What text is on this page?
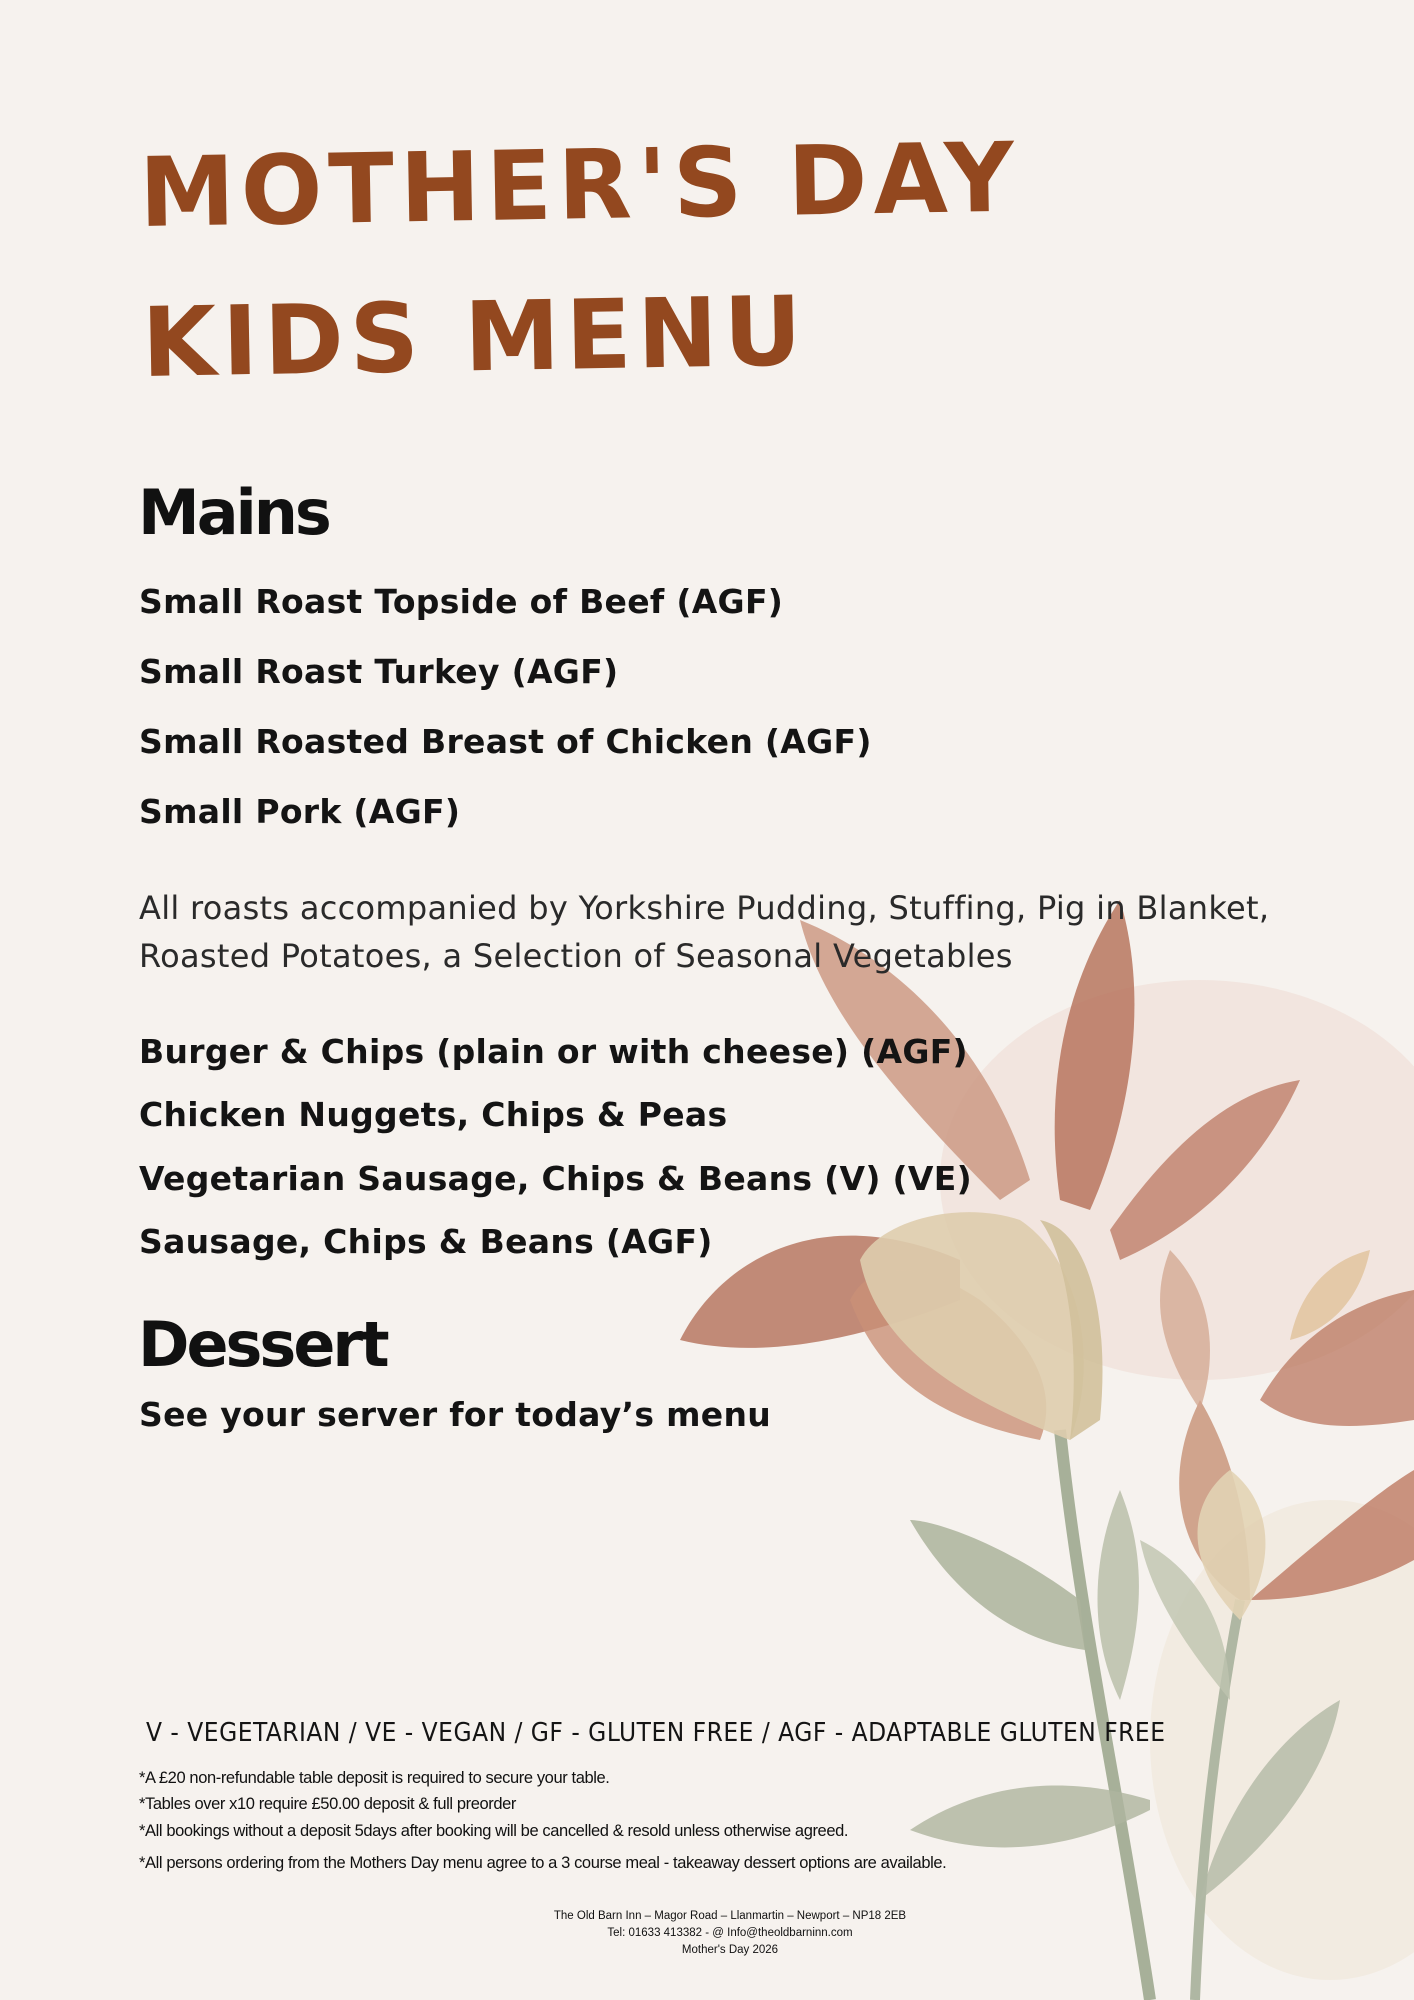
MOTHER'S DAY
KIDS MENU
Mains

Small Roast Topside of Beef (AGF)

Small Roast Turkey (AGF)

Small Roasted Breast of Chicken (AGF)

Small Pork (AGF)

All roasts accompanied by Yorkshire Pudding, Stuffing, Pig in Blanket, Roasted Potatoes, a Selection of Seasonal Vegetables

Burger & Chips (plain or with cheese) (AGF)

Chicken Nuggets, Chips & Peas

Vegetarian Sausage, Chips & Beans (V) (VE)

Sausage, Chips & Beans (AGF)

Dessert

See your server for today’s menu

V - VEGETARIAN / VE - VEGAN / GF - GLUTEN FREE / AGF - ADAPTABLE GLUTEN FREE

*A £20 non-refundable table deposit is required to secure your table.

*Tables over x10 require £50.00 deposit & full preorder

*All bookings without a deposit 5days after booking will be cancelled & resold unless otherwise agreed.

*All persons ordering from the Mothers Day menu agree to a 3 course meal - takeaway dessert options are available.

The Old Barn Inn – Magor Road – Llanmartin – Newport – NP18 2EB
Tel: 01633 413382 - @ Info@theoldbarninn.com
Mother's Day 2026
